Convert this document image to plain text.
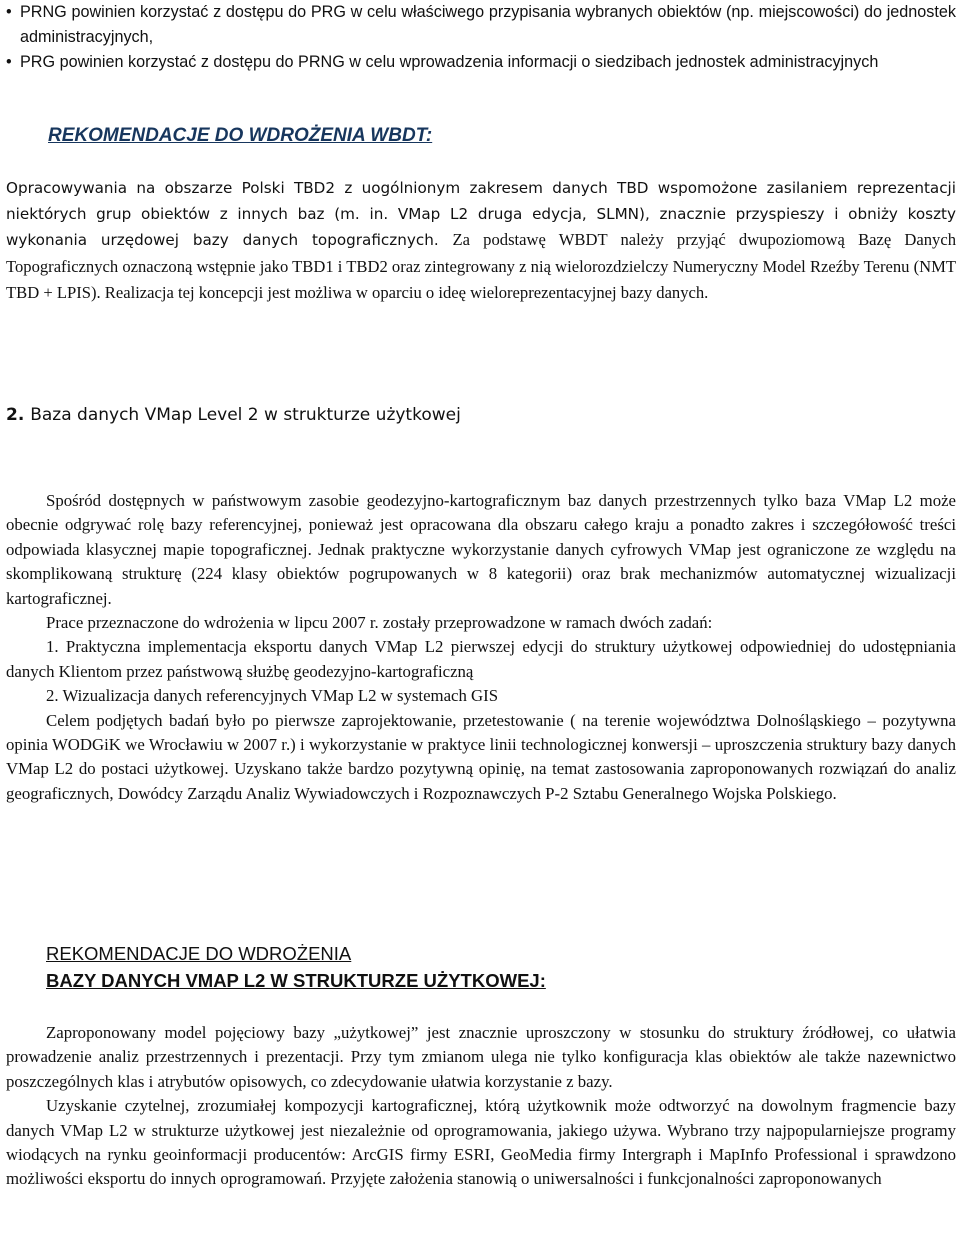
• PRNG powinien korzystać z dostępu do PRG w celu właściwego przypisania wybranych obiektów (np. miejscowości) do jednostek administracyjnych,
• PRG powinien korzystać z dostępu do PRNG w celu wprowadzenia informacji o siedzibach jednostek administracyjnych
REKOMENDACJE DO WDROŻENIA WBDT:

Opracowywania na obszarze Polski TBD2 z uogólnionym zakresem danych TBD wspomożone zasilaniem reprezentacji niektórych grup obiektów z innych baz (m. in. VMap L2 druga edycja, SLMN), znacznie przyspieszy i obniży koszty wykonania urzędowej bazy danych topograficznych. Za podstawę WBDT należy przyjąć dwupoziomową Bazę Danych Topograficznych oznaczoną wstępnie jako TBD1 i TBD2 oraz zintegrowany z nią wielorozdzielczy Numeryczny Model Rzeźby Terenu (NMT TBD + LPIS). Realizacja tej koncepcji jest możliwa w oparciu o ideę wieloreprezentacyjnej bazy danych.

2. Baza danych VMap Level 2 w strukturze użytkowej

Spośród dostępnych w państwowym zasobie geodezyjno-kartograficznym baz danych przestrzennych tylko baza VMap L2 może obecnie odgrywać rolę bazy referencyjnej, ponieważ jest opracowana dla obszaru całego kraju a ponadto zakres i szczegółowość treści odpowiada klasycznej mapie topograficznej. Jednak praktyczne wykorzystanie danych cyfrowych VMap jest ograniczone ze względu na skomplikowaną strukturę (224 klasy obiektów pogrupowanych w 8 kategorii) oraz brak mechanizmów automatycznej wizualizacji kartograficznej.

Prace przeznaczone do wdrożenia w lipcu 2007 r. zostały przeprowadzone w ramach dwóch zadań:

1. Praktyczna implementacja eksportu danych VMap L2 pierwszej edycji do struktury użytkowej odpowiedniej do udostępniania danych Klientom przez państwową służbę geodezyjno-kartograficzną

2. Wizualizacja danych referencyjnych VMap L2 w systemach GIS

Celem podjętych badań było po pierwsze zaprojektowanie, przetestowanie ( na terenie województwa Dolnośląskiego – pozytywna opinia WODGiK we Wrocławiu w 2007 r.) i wykorzystanie w praktyce linii technologicznej konwersji – uproszczenia struktury bazy danych VMap L2 do postaci użytkowej. Uzyskano także bardzo pozytywną opinię, na temat zastosowania zaproponowanych rozwiązań do analiz geograficznych, Dowódcy Zarządu Analiz Wywiadowczych i Rozpoznawczych P-2 Sztabu Generalnego Wojska Polskiego.

REKOMENDACJE DO WDROŻENIA
BAZY DANYCH VMAP L2 W STRUKTURZE UŻYTKOWEJ:

Zaproponowany model pojęciowy bazy „użytkowej” jest znacznie uproszczony w stosunku do struktury źródłowej, co ułatwia prowadzenie analiz przestrzennych i prezentacji. Przy tym zmianom ulega nie tylko konfiguracja klas obiektów ale także nazewnictwo poszczególnych klas i atrybutów opisowych, co zdecydowanie ułatwia korzystanie z bazy.

Uzyskanie czytelnej, zrozumiałej kompozycji kartograficznej, którą użytkownik może odtworzyć na dowolnym fragmencie bazy danych VMap L2 w strukturze użytkowej jest niezależnie od oprogramowania, jakiego używa. Wybrano trzy najpopularniejsze programy wiodących na rynku geoinformacji producentów: ArcGIS firmy ESRI, GeoMedia firmy Intergraph i MapInfo Professional i sprawdzono możliwości eksportu do innych oprogramowań. Przyjęte założenia stanowią o uniwersalności i funkcjonalności zaproponowanych
